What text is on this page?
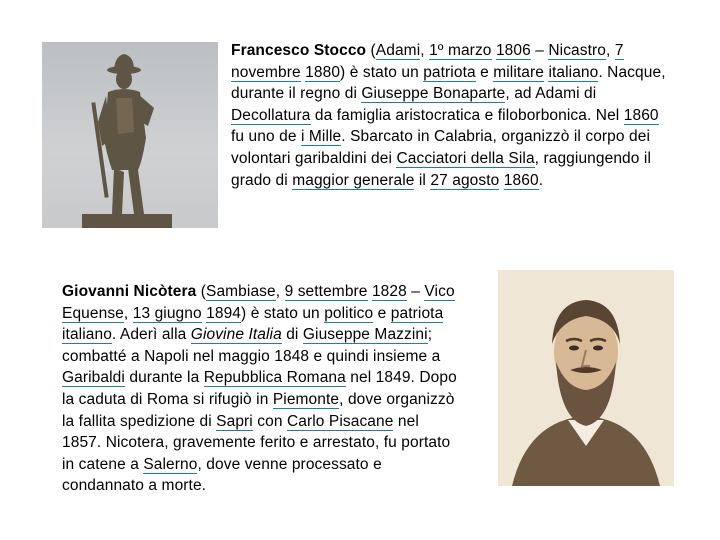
Francesco Stocco (Adami, 1º marzo 1806 – Nicastro, 7 novembre 1880) è stato un patriota e militare italiano. Nacque, durante il regno di Giuseppe Bonaparte, ad Adami di Decollatura da famiglia aristocratica e filoborbonica. Nel 1860 fu uno de i Mille. Sbarcato in Calabria, organizzò il corpo dei volontari garibaldini dei Cacciatori della Sila, raggiungendo il grado di maggior generale il 27 agosto 1860.

Giovanni Nicòtera (Sambiase, 9 settembre 1828 – Vico Equense, 13 giugno 1894) è stato un politico e patriota italiano. Aderì alla Giovine Italia di Giuseppe Mazzini; combatté a Napoli nel maggio 1848 e quindi insieme a Garibaldi durante la Repubblica Romana nel 1849. Dopo la caduta di Roma si rifugiò in Piemonte, dove organizzò la fallita spedizione di Sapri con Carlo Pisacane nel 1857. Nicotera, gravemente ferito e arrestato, fu portato in catene a Salerno, dove venne processato e condannato a morte.
